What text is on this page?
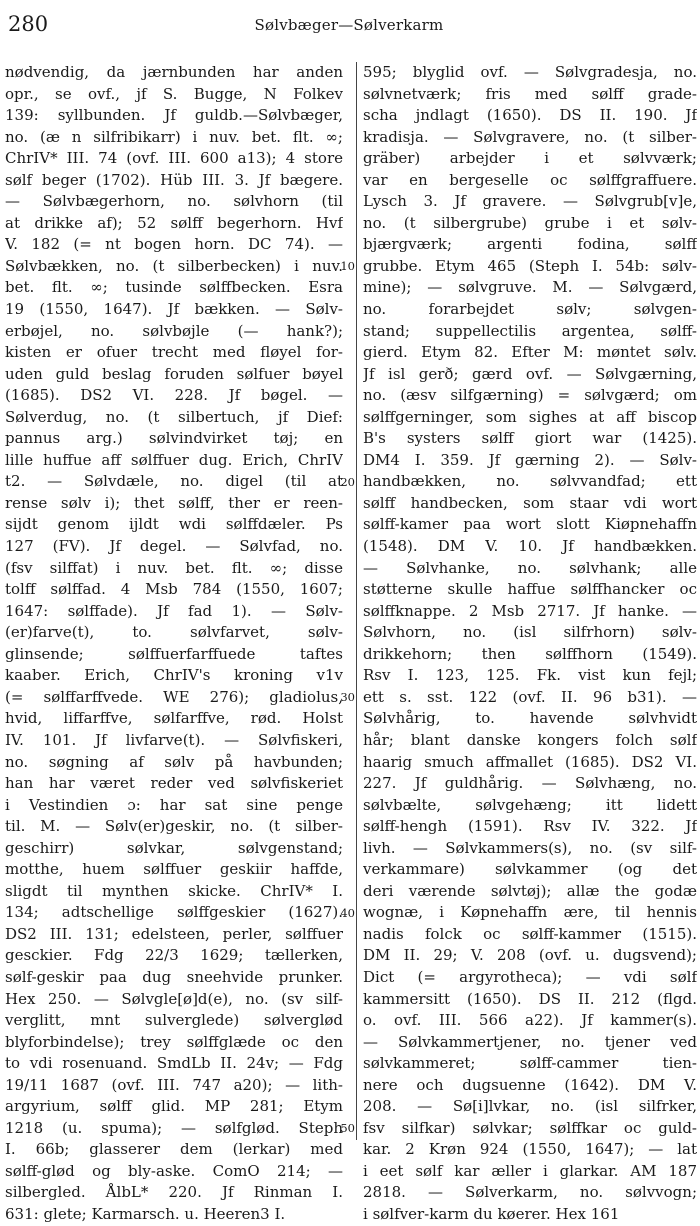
280	Sølvbæger—Sølverkarm
nødvendig, da jærnbunden har anden
opr., se ovf., jf S. Bugge, N Folkev
139: syllbunden. Jf guldb.—Sølvbæger,
no. (æ n silfribikarr) i nuv. bet. flt. ∞;
ChrIV* III. 74 (ovf. III. 600 a13); 4 store
sølf beger (1702). Hüb III. 3. Jf bægere.
— Sølvbægerhorn, no. sølvhorn (til
at drikke af); 52 sølff begerhorn. Hvf
V. 182 (= nt bogen horn. DC 74). —
Sølvbækken, no. (t silberbecken) i nuv.
bet. flt. ∞; tusinde sølffbecken. Esra
19 (1550, 1647). Jf bækken. — Sølv-
erbøjel, no. sølvbøjle (— hank?);
kisten er ofuer trecht med fløyel for-
uden guld beslag foruden sølfuer bøyel
(1685). DS2 VI. 228. Jf bøgel. —
Sølverdug, no. (t silbertuch, jf Dief:
pannus arg.) sølvindvirket tøj; en
lille huffue aff sølffuer dug. Erich, ChrIV
t2. — Sølvdæle, no. digel (til at
rense sølv i); thet sølff, ther er reen-
sijdt genom ijldt wdi sølffdæler. Ps
127 (FV). Jf degel. — Sølvfad, no.
(fsv silffat) i nuv. bet. flt. ∞; disse
tolff sølffad. 4 Msb 784 (1550, 1607;
1647: sølffade). Jf fad 1). — Sølv-
(er)farve(t), to. sølvfarvet, sølv-
glinsende; sølffuerfarffuede taftes
kaaber. Erich, ChrIV's kroning v1v
(= sølffarffvede. WE 276); gladiolus,
hvid, liffarffve, sølfarffve, rød. Holst
IV. 101. Jf livfarve(t). — Sølvfiskeri,
no. søgning af sølv på havbunden;
han har været reder ved sølvfiskeriet
i Vestindien ɔ: har sat sine penge
til. M. — Sølv(er)geskir, no. (t silber-
geschirr) sølvkar, sølvgenstand;
motthe, huem sølffuer geskiir haffde,
sligdt til mynthen skicke. ChrIV* I.
134; adtschellige sølffgeskier (1627).
DS2 III. 131; edelsteen, perler, sølffuer
gesckier. Fdg 22/3 1629; tællerken,
sølf-geskir paa dug sneehvide prunker.
Hex 250. — Sølvgle[ø]d(e), no. (sv silf-
verglitt, mnt sulverglede) sølverglød
blyforbindelse); trey sølffglæde oc den
to vdi rosenuand. SmdLb II. 24v; — Fdg
19/11 1687 (ovf. III. 747 a20); — lith-
argyrium, sølff glid. MP 281; Etym
1218 (u. spuma); — sølfglød. Steph
I. 66b; glasserer dem (lerkar) med
sølff-glød og bly-aske. ComO 214; —
silbergled. ÅlbL* 220. Jf Rinman I.
631: glete; Karmarsch. u. Heeren3 I.
10
20
30
40
50
595; blyglid ovf. — Sølvgradesja, no.
sølvnetværk; fris med sølff grade-
scha jndlagt (1650). DS II. 190. Jf
kradisja. — Sølvgravere, no. (t silber-
gräber) arbejder i et sølvværk;
var en bergeselle oc sølffgraffuere.
Lysch 3. Jf gravere. — Sølvgrub[v]e,
no. (t silbergrube) grube i et sølv-
bjærgværk; argenti fodina, sølff
grubbe. Etym 465 (Steph I. 54b: sølv-
mine); — sølvgruve. M. — Sølvgærd,
no. forarbejdet sølv; sølvgen-
stand; suppellectilis argentea, sølff-
gierd. Etym 82. Efter M: møntet sølv.
Jf isl gerð; gærd ovf. — Sølvgærning,
no. (æsv silfgærning) = sølvgærd; om
sølffgerninger, som sighes at aff biscop
B's systers sølff giort war (1425).
DM4 I. 359. Jf gærning 2). — Sølv-
handbækken, no. sølvvandfad; ett
sølff handbecken, som staar vdi wort
sølff-kamer paa wort slott Kiøpnehaffn
(1548). DM V. 10. Jf handbækken.
— Sølvhanke, no. sølvhank; alle
støtterne skulle haffue sølffhancker oc
sølffknappe. 2 Msb 2717. Jf hanke. —
Sølvhorn, no. (isl silfrhorn) sølv-
drikkehorn; then sølffhorn (1549).
Rsv I. 123, 125. Fk. vist kun fejl;
ett s. sst. 122 (ovf. II. 96 b31). —
Sølvhårig, to. havende sølvhvidt
hår; blant danske kongers folch sølf
haarig smuch affmallet (1685). DS2 VI.
227. Jf guldhårig. — Sølvhæng, no.
sølvbælte, sølvgehæng; itt lidett
sølff-hengh (1591). Rsv IV. 322. Jf
livh. — Sølvkammers(s), no. (sv silf-
verkammare) sølvkammer (og det
deri værende sølvtøj); allæ the godæ
wognæ, i Køpnehaffn ære, til hennis
nadis folck oc sølff-kammer (1515).
DM II. 29; V. 208 (ovf. u. dugsvend);
Dict (= argyrotheca); — vdi sølf
kammersitt (1650). DS II. 212 (flgd.
o. ovf. III. 566 a22). Jf kammer(s).
— Sølvkammertjener, no. tjener ved
sølvkammeret; sølff-cammer tien-
nere och dugsuenne (1642). DM V.
208. — Sø[i]lvkar, no. (isl silfrker,
fsv silfkar) sølvkar; sølffkar oc guld-
kar. 2 Krøn 924 (1550, 1647); — lat
i eet sølf kar æller i glarkar. AM 187
2818. — Sølverkarm, no. sølvvogn;
i sølfver-karm du køerer. Hex 161
